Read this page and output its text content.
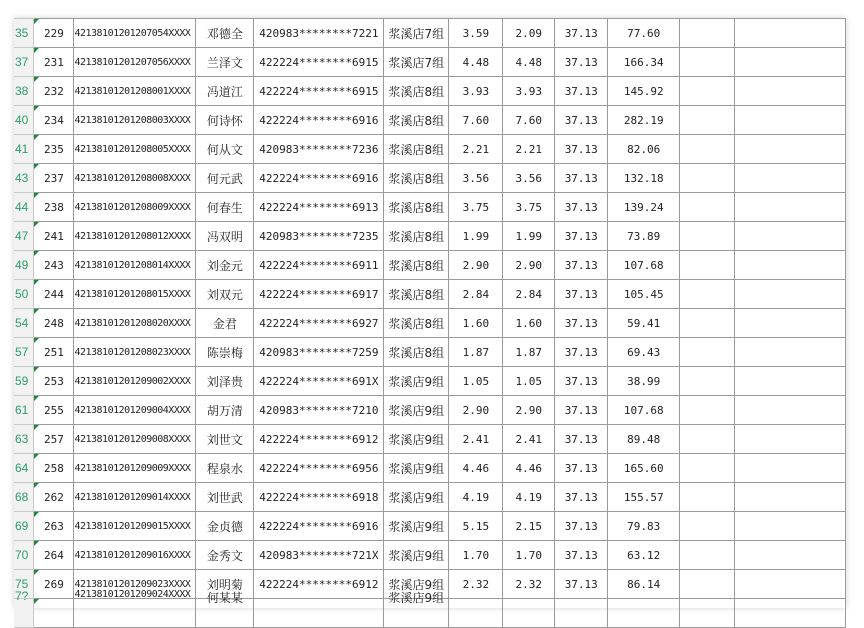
35	229	42138101201207054XXXX	邓德全	420983********7221	浆溪店7组	3.59	2.09	37.13	77.60		
37	231	42138101201207056XXXX	兰泽文	422224********6915	浆溪店7组	4.48	4.48	37.13	166.34		
38	232	42138101201208001XXXX	冯道江	422224********6915	浆溪店8组	3.93	3.93	37.13	145.92		
40	234	42138101201208003XXXX	何诗怀	422224********6916	浆溪店8组	7.60	7.60	37.13	282.19		
41	235	42138101201208005XXXX	何从文	420983********7236	浆溪店8组	2.21	2.21	37.13	82.06		
43	237	42138101201208008XXXX	何元武	422224********6916	浆溪店8组	3.56	3.56	37.13	132.18		
44	238	42138101201208009XXXX	何春生	422224********6913	浆溪店8组	3.75	3.75	37.13	139.24		
47	241	42138101201208012XXXX	冯双明	420983********7235	浆溪店8组	1.99	1.99	37.13	73.89		
49	243	42138101201208014XXXX	刘金元	422224********6911	浆溪店8组	2.90	2.90	37.13	107.68		
50	244	42138101201208015XXXX	刘双元	422224********6917	浆溪店8组	2.84	2.84	37.13	105.45		
54	248	42138101201208020XXXX	金君	422224********6927	浆溪店8组	1.60	1.60	37.13	59.41		
57	251	42138101201208023XXXX	陈崇梅	420983********7259	浆溪店8组	1.87	1.87	37.13	69.43		
59	253	42138101201209002XXXX	刘泽贵	422224********691X	浆溪店9组	1.05	1.05	37.13	38.99		
61	255	42138101201209004XXXX	胡万清	420983********7210	浆溪店9组	2.90	2.90	37.13	107.68		
63	257	42138101201209008XXXX	刘世文	422224********6912	浆溪店9组	2.41	2.41	37.13	89.48		
64	258	42138101201209009XXXX	程泉水	422224********6956	浆溪店9组	4.46	4.46	37.13	165.60		
68	262	42138101201209014XXXX	刘世武	422224********6918	浆溪店9组	4.19	4.19	37.13	155.57		
69	263	42138101201209015XXXX	金贞德	422224********6916	浆溪店9组	5.15	2.15	37.13	79.83		
70	264	42138101201209016XXXX	金秀文	420983********721X	浆溪店9组	1.70	1.70	37.13	63.12		
75	269	42138101201209023XXXX	刘明菊	422224********6912	浆溪店9组	2.32	2.32	37.13	86.14		
7?		42138101201209024XXXX	何某某		浆溪店9组						
